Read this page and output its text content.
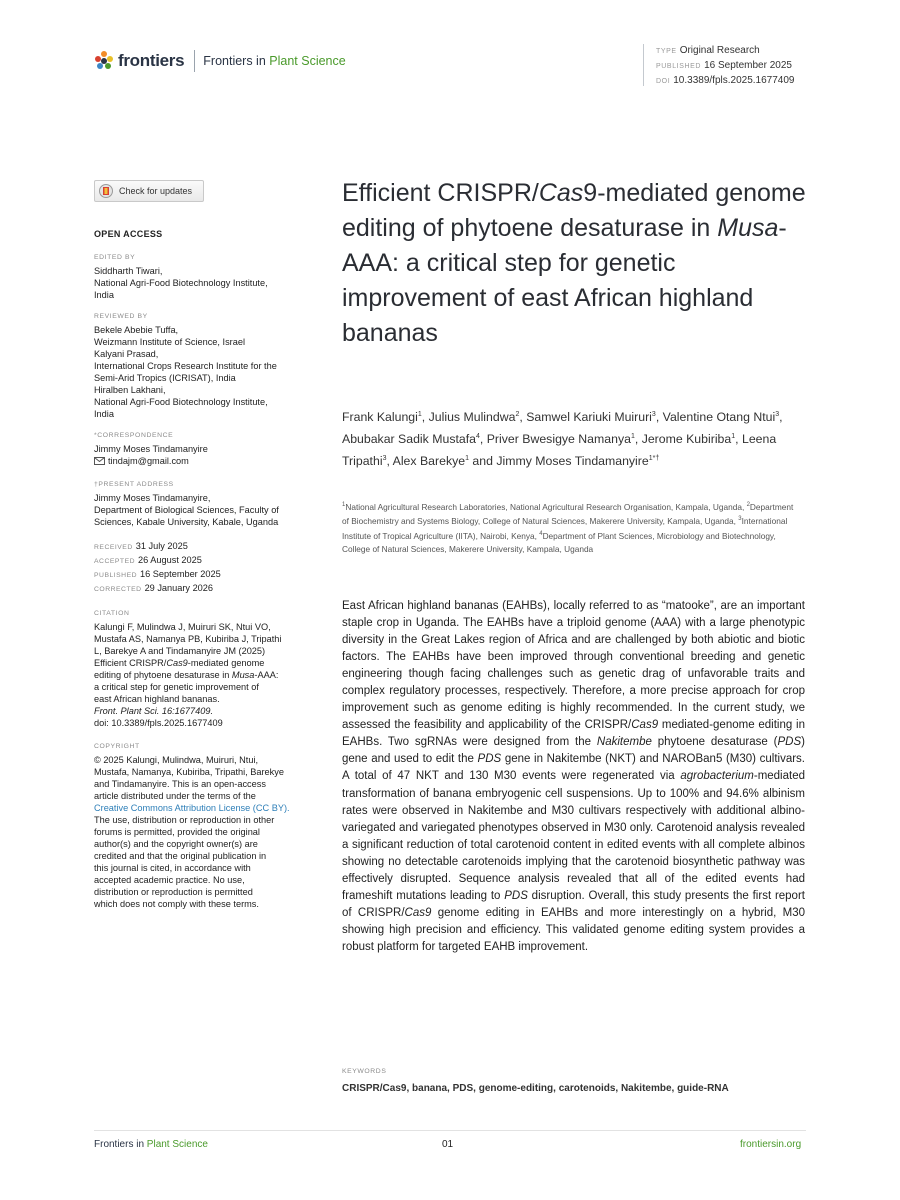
frontiers Frontiers in Plant Science
TYPE Original Research
PUBLISHED 16 September 2025
DOI 10.3389/fpls.2025.1677409
Check for updates
OPEN ACCESS
EDITED BY
Siddharth Tiwari,
National Agri-Food Biotechnology Institute,
India
REVIEWED BY
Bekele Abebie Tuffa,
Weizmann Institute of Science, Israel
Kalyani Prasad,
International Crops Research Institute for the
Semi-Arid Tropics (ICRISAT), India
Hiralben Lakhani,
National Agri-Food Biotechnology Institute,
India
*CORRESPONDENCE
Jimmy Moses Tindamanyire
tindajm@gmail.com
†PRESENT ADDRESS
Jimmy Moses Tindamanyire,
Department of Biological Sciences, Faculty of
Sciences, Kabale University, Kabale, Uganda
RECEIVED 31 July 2025
ACCEPTED 26 August 2025
PUBLISHED 16 September 2025
CORRECTED 29 January 2026
CITATION
Kalungi F, Mulindwa J, Muiruri SK, Ntui VO,
Mustafa AS, Namanya PB, Kubiriba J, Tripathi
L, Barekye A and Tindamanyire JM (2025)
Efficient CRISPR/Cas9-mediated genome
editing of phytoene desaturase in Musa-AAA:
a critical step for genetic improvement of
east African highland bananas.
Front. Plant Sci. 16:1677409.
doi: 10.3389/fpls.2025.1677409
COPYRIGHT
© 2025 Kalungi, Mulindwa, Muiruri, Ntui,
Mustafa, Namanya, Kubiriba, Tripathi, Barekye
and Tindamanyire. This is an open-access
article distributed under the terms of the
Creative Commons Attribution License (CC BY).
The use, distribution or reproduction in other
forums is permitted, provided the original
author(s) and the copyright owner(s) are
credited and that the original publication in
this journal is cited, in accordance with
accepted academic practice. No use,
distribution or reproduction is permitted
which does not comply with these terms.
Efficient CRISPR/Cas9-mediated genome editing of phytoene desaturase in Musa-AAA: a critical step for genetic improvement of east African highland bananas
Frank Kalungi$^1$, Julius Mulindwa$^2$, Samwel Kariuki Muiruri$^3$, Valentine Otang Ntui$^3$, Abubakar Sadik Mustafa$^4$, Priver Bwesigye Namanya$^1$, Jerome Kubiriba$^1$, Leena Tripathi$^3$, Alex Barekye$^1$ and Jimmy Moses Tindamanyire$^{1*\dagger}$
$^1$National Agricultural Research Laboratories, National Agricultural Research Organisation, Kampala, Uganda, $^2$Department of Biochemistry and Systems Biology, College of Natural Sciences, Makerere University, Kampala, Uganda, $^3$International Institute of Tropical Agriculture (IITA), Nairobi, Kenya, $^4$Department of Plant Sciences, Microbiology and Biotechnology, College of Natural Sciences, Makerere University, Kampala, Uganda

East African highland bananas (EAHBs), locally referred to as “matooke”, are an important staple crop in Uganda. The EAHBs have a triploid genome (AAA) with a large phenotypic diversity in the Great Lakes region of Africa and are challenged by both abiotic and biotic factors. The EAHBs have been improved through conventional breeding and genetic engineering though facing challenges such as genetic drag of unfavorable traits and complex regulatory processes, respectively. Therefore, a more precise approach for crop improvement such as genome editing is highly recommended. In the current study, we assessed the feasibility and applicability of the CRISPR/Cas9 mediated-genome editing in EAHBs. Two sgRNAs were designed from the Nakitembe phytoene desaturase (PDS) gene and used to edit the PDS gene in Nakitembe (NKT) and NAROBan5 (M30) cultivars. A total of 47 NKT and 130 M30 events were regenerated via agrobacterium-mediated transformation of banana embryogenic cell suspensions. Up to 100% and 94.6% albinism rates were observed in Nakitembe and M30 cultivars respectively with additional albino-variegated and variegated phenotypes observed in M30 only. Carotenoid analysis revealed a significant reduction of total carotenoid content in edited events with all complete albinos showing no detectable carotenoids implying that the carotenoid biosynthetic pathway was effectively disrupted. Sequence analysis revealed that all of the edited events had frameshift mutations leading to PDS disruption. Overall, this study presents the first report of CRISPR/Cas9 genome editing in EAHBs and more interestingly on a hybrid, M30 showing high precision and efficiency. This validated genome editing system provides a robust platform for targeted EAHB improvement.

KEYWORDS
CRISPR/Cas9, banana, PDS, genome-editing, carotenoids, Nakitembe, guide-RNA
Frontiers in Plant Science	01	frontiersin.org
